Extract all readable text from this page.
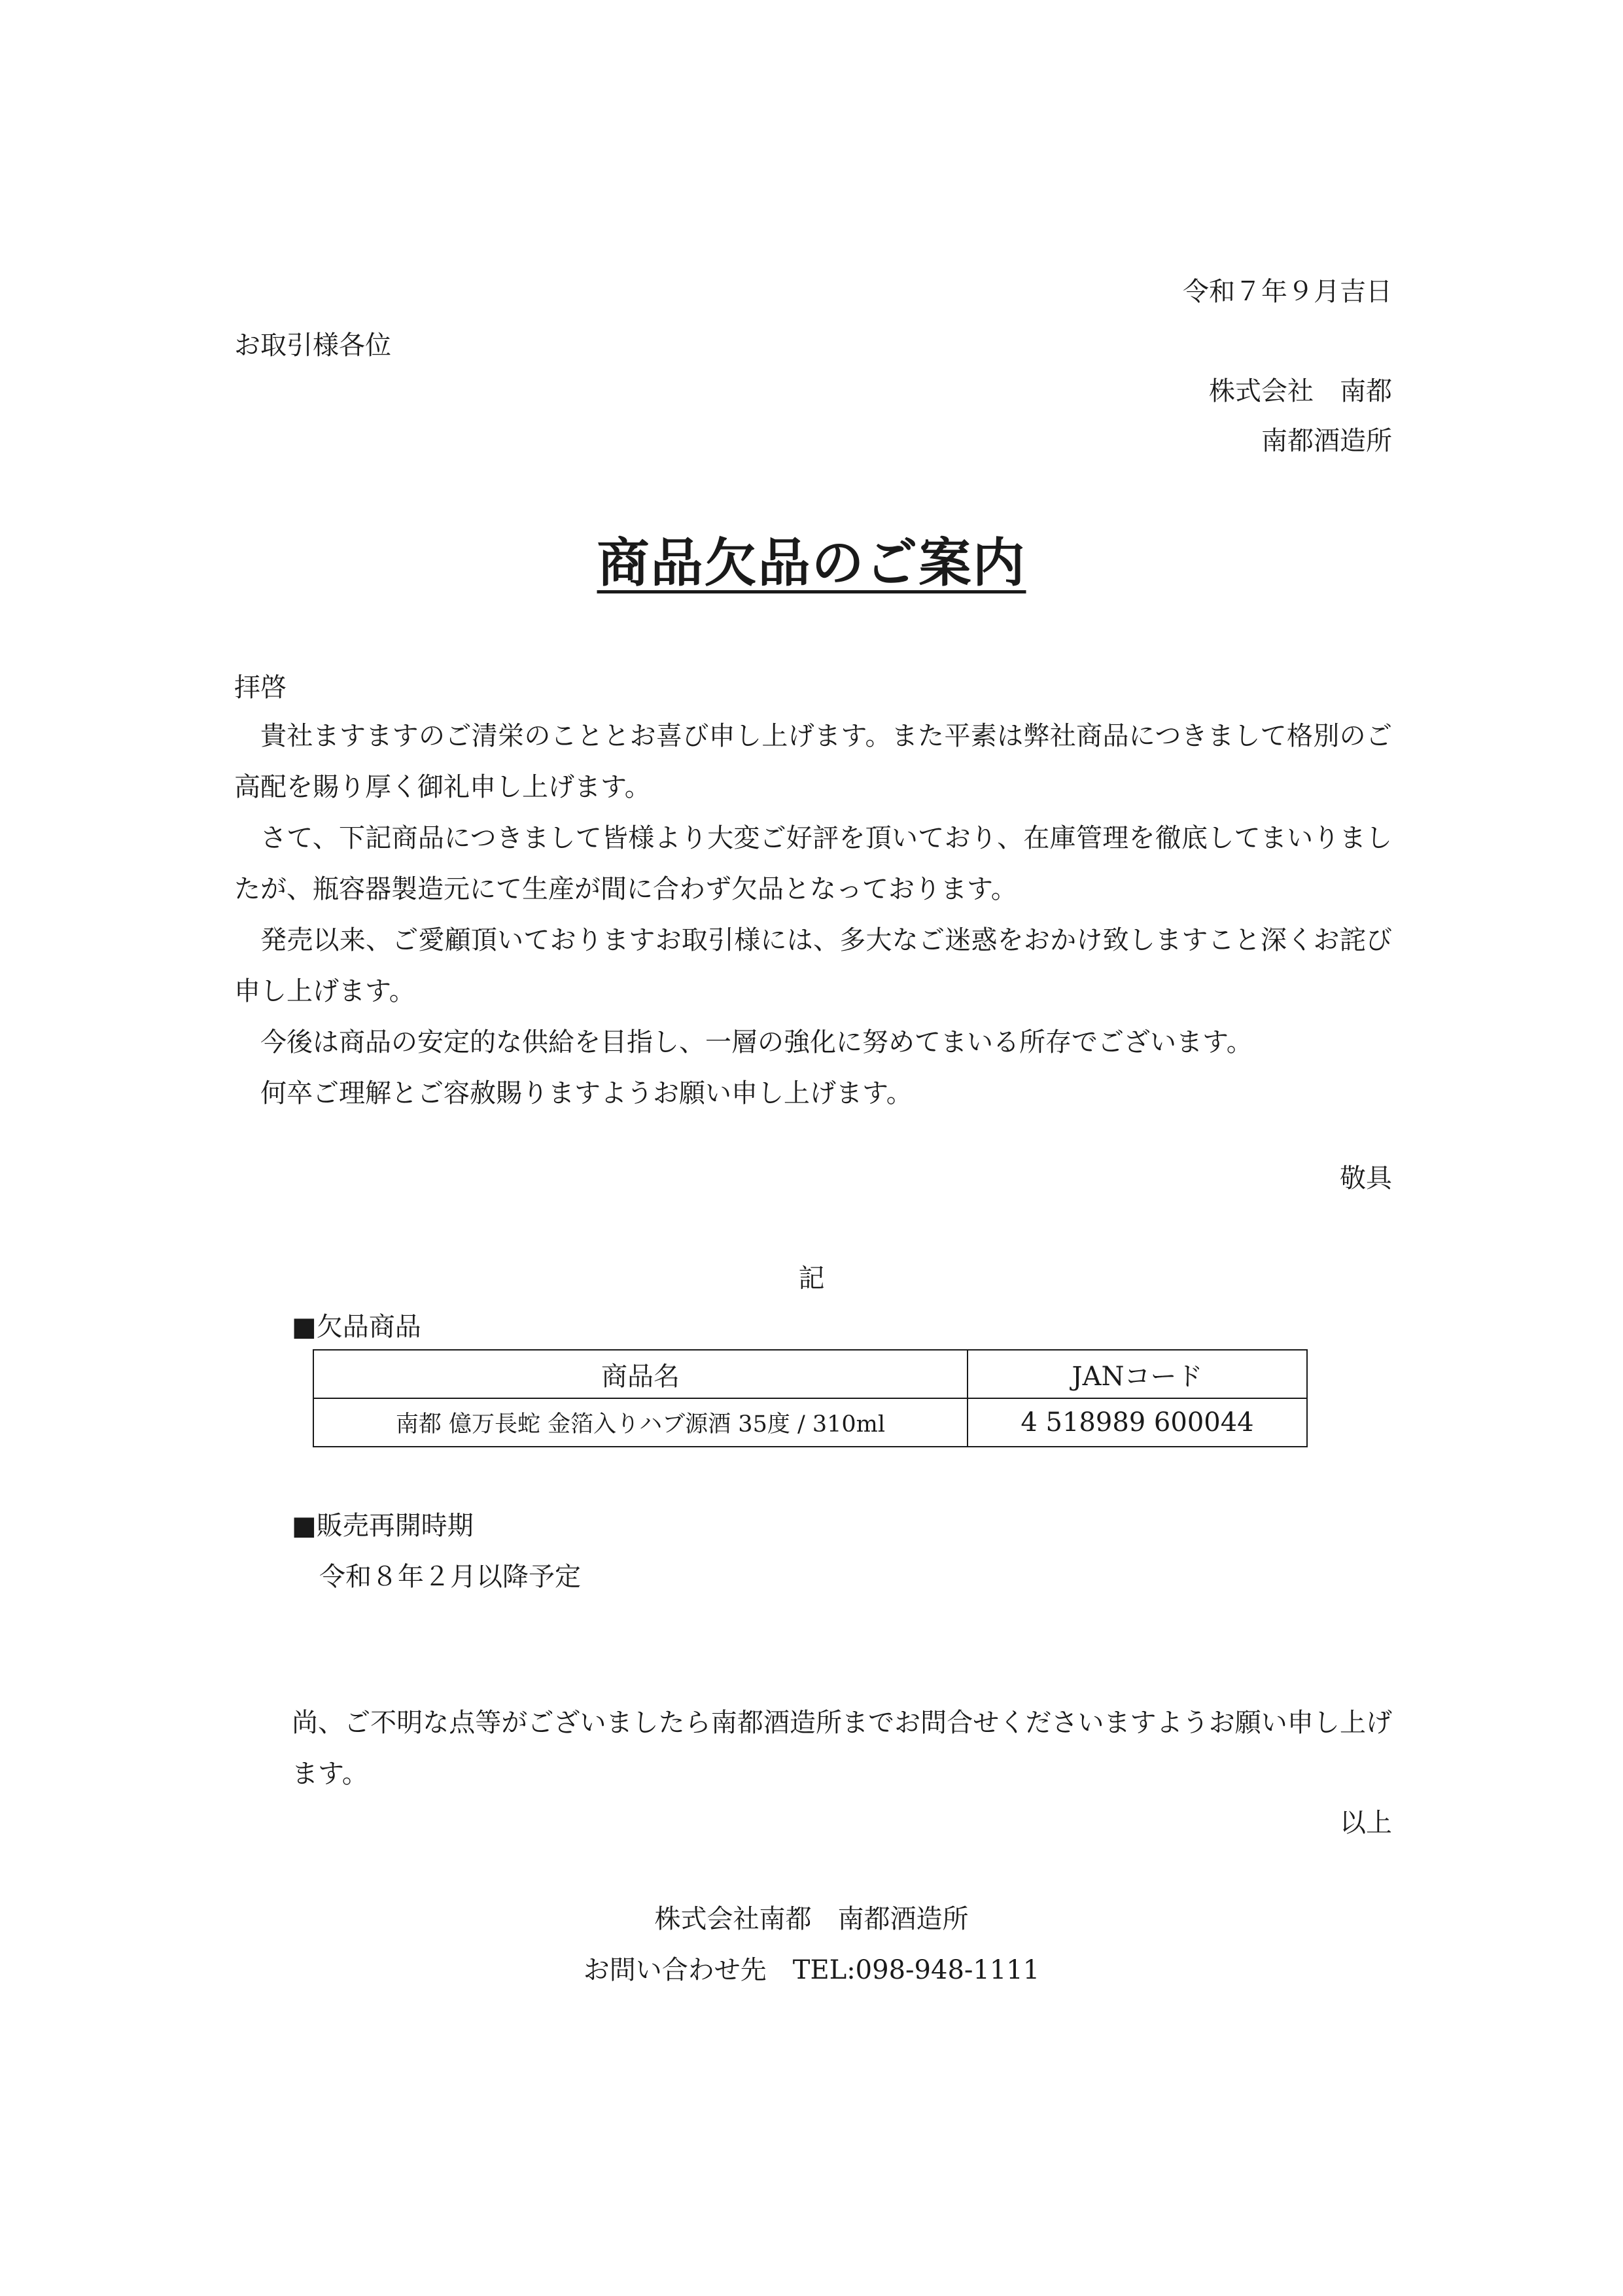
令和７年９月吉日

お取引様各位

株式会社　南都

南都酒造所

商品欠品のご案内

拝啓

貴社ますますのご清栄のこととお喜び申し上げます。また平素は弊社商品につきまして格別のご高配を賜り厚く御礼申し上げます。

さて、下記商品につきまして皆様より大変ご好評を頂いており、在庫管理を徹底してまいりましたが、瓶容器製造元にて生産が間に合わず欠品となっております。

発売以来、ご愛顧頂いておりますお取引様には、多大なご迷惑をおかけ致しますこと深くお詫び申し上げます。

今後は商品の安定的な供給を目指し、一層の強化に努めてまいる所存でございます。

何卒ご理解とご容赦賜りますようお願い申し上げます。

敬具

記

■欠品商品

商品名	JANコード
南都 億万長蛇 金箔入りハブ源酒 35度 / 310ml	4 518989 600044

■販売再開時期

令和８年２月以降予定

尚、ご不明な点等がございましたら南都酒造所までお問合せくださいますようお願い申し上げます。

以上

株式会社南都　南都酒造所

お問い合わせ先　TEL:098-948-1111
